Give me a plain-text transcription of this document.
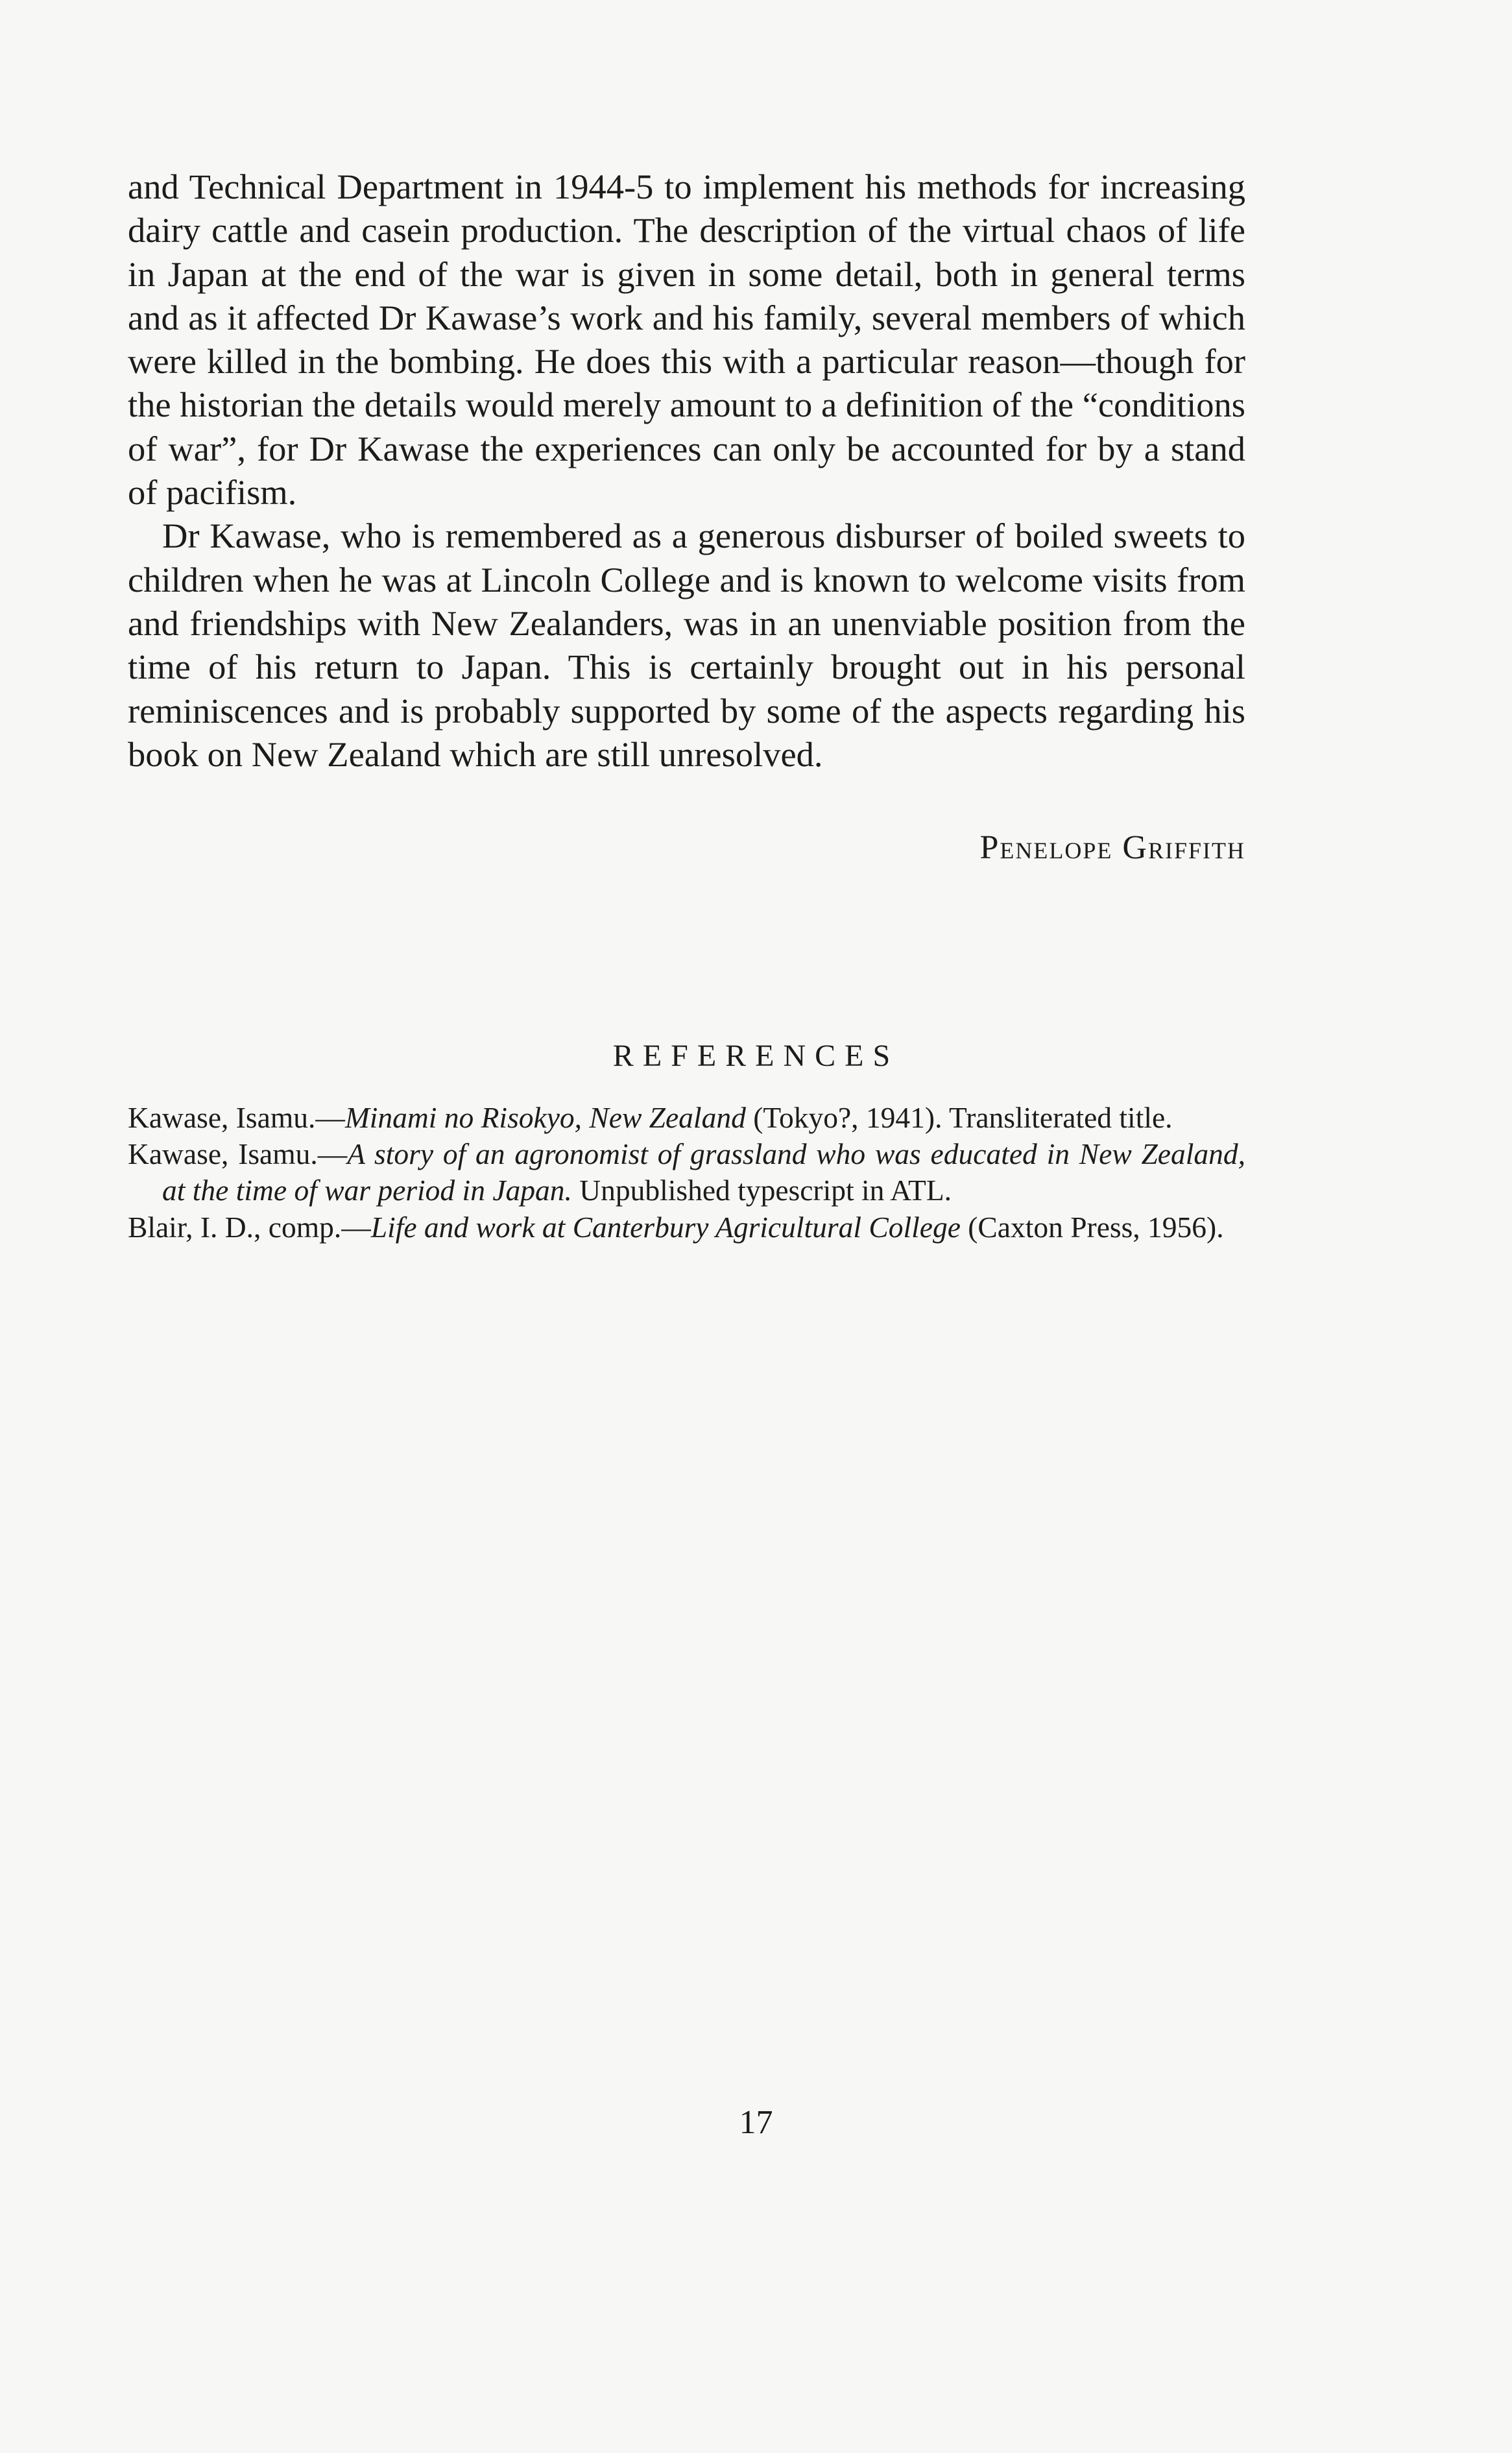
and Technical Department in 1944-5 to implement his methods for increasing dairy cattle and casein production. The description of the virtual chaos of life in Japan at the end of the war is given in some detail, both in general terms and as it affected Dr Kawase’s work and his family, several members of which were killed in the bombing. He does this with a particular reason—though for the historian the details would merely amount to a definition of the “conditions of war”, for Dr Kawase the experiences can only be accounted for by a stand of pacifism.

Dr Kawase, who is remembered as a generous disburser of boiled sweets to children when he was at Lincoln College and is known to welcome visits from and friendships with New Zealanders, was in an unenviable position from the time of his return to Japan. This is certainly brought out in his personal reminiscences and is probably supported by some of the aspects regarding his book on New Zealand which are still unresolved.

Penelope Griffith
REFERENCES

Kawase, Isamu.—Minami no Risokyo, New Zealand (Tokyo?, 1941). Transliterated title.

Kawase, Isamu.—A story of an agronomist of grassland who was educated in New Zealand, at the time of war period in Japan. Unpublished typescript in ATL.

Blair, I. D., comp.—Life and work at Canterbury Agricultural College (Caxton Press, 1956).

17
